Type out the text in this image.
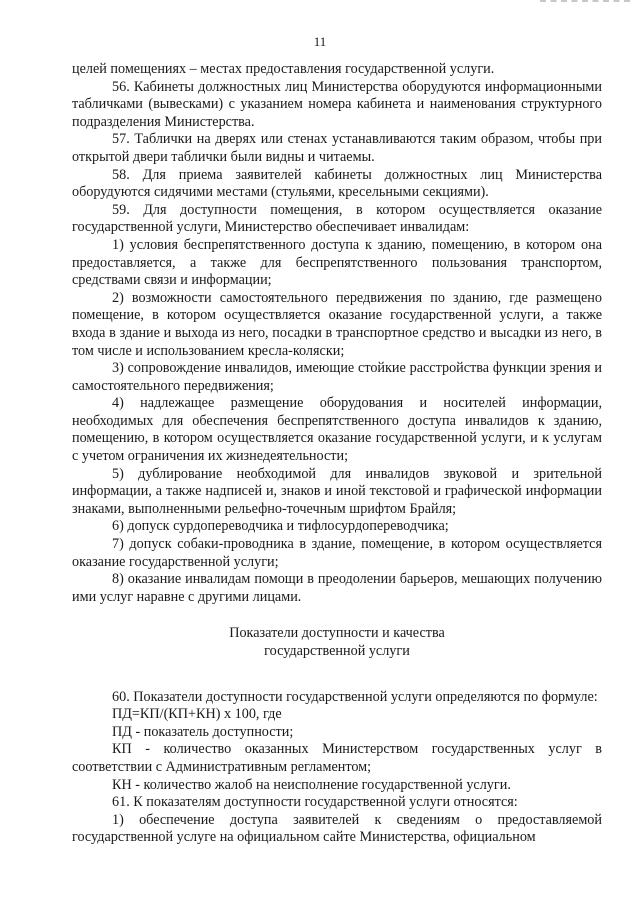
11

целей помещениях – местах предоставления государственной услуги.

56. Кабинеты должностных лиц Министерства оборудуются информационными табличками (вывесками) с указанием номера кабинета и наименования структурного подразделения Министерства.

57. Таблички на дверях или стенах устанавливаются таким образом, чтобы при открытой двери таблички были видны и читаемы.

58. Для приема заявителей кабинеты должностных лиц Министерства оборудуются сидячими местами (стульями, кресельными секциями).

59. Для доступности помещения, в котором осуществляется оказание государственной услуги, Министерство обеспечивает инвалидам:

1) условия беспрепятственного доступа к зданию, помещению, в котором она предоставляется, а также для беспрепятственного пользования транспортом, средствами связи и информации;

2) возможности самостоятельного передвижения по зданию, где размещено помещение, в котором осуществляется оказание государственной услуги, а также входа в здание и выхода из него, посадки в транспортное средство и высадки из него, в том числе и использованием кресла-коляски;

3) сопровождение инвалидов, имеющие стойкие расстройства функции зрения и самостоятельного передвижения;

4) надлежащее размещение оборудования и носителей информации, необходимых для обеспечения беспрепятственного доступа инвалидов к зданию, помещению, в котором осуществляется оказание государственной услуги, и к услугам с учетом ограничения их жизнедеятельности;

5) дублирование необходимой для инвалидов звуковой и зрительной информации, а также надписей и, знаков и иной текстовой и графической информации знаками, выполненными рельефно-точечным шрифтом Брайля;

6) допуск сурдопереводчика и тифлосурдопереводчика;

7) допуск собаки-проводника в здание, помещение, в котором осуществляется оказание государственной услуги;

8) оказание инвалидам помощи в преодолении барьеров, мешающих получению ими услуг наравне с другими лицами.

Показатели доступности и качества

государственной услуги

60. Показатели доступности государственной услуги определяются по формуле:

ПД=КП/(КП+КН) х 100, где

ПД - показатель доступности;

КП - количество оказанных Министерством государственных услуг в соответствии с Административным регламентом;

КН - количество жалоб на неисполнение государственной услуги.

61. К показателям доступности государственной услуги относятся:

1) обеспечение доступа заявителей к сведениям о предоставляемой государственной услуге на официальном сайте Министерства, официальном
